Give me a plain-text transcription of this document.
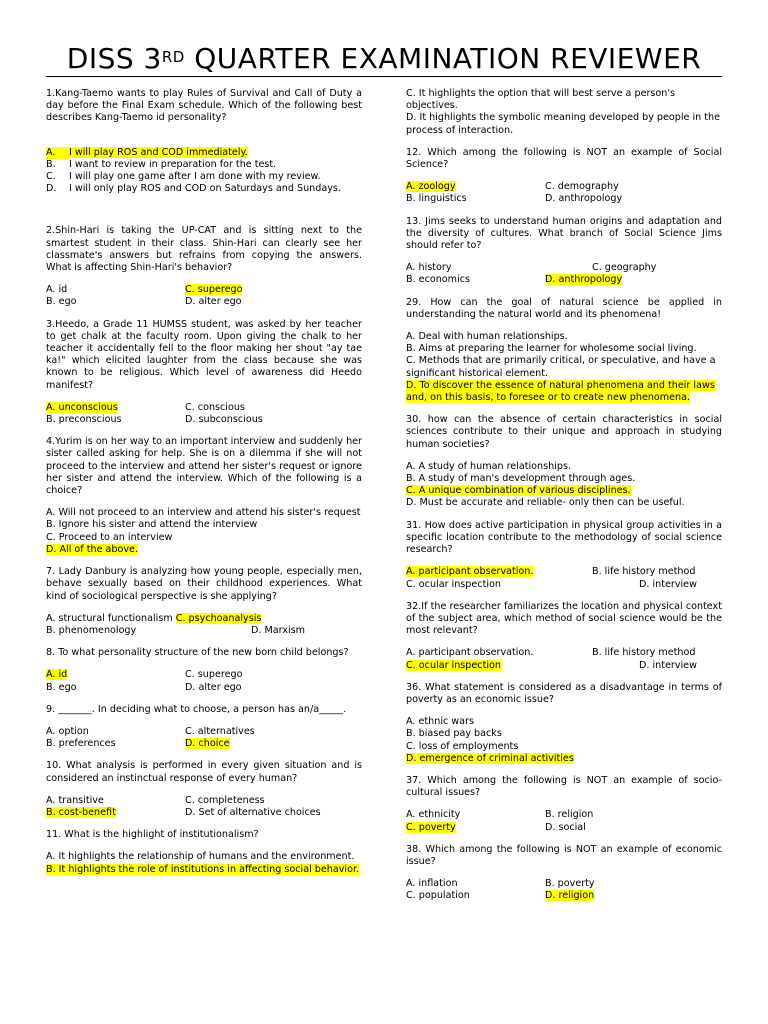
DISS 3RD QUARTER EXAMINATION REVIEWER

1.Kang-Taemo wants to play Rules of Survival and Call of Duty a day before the Final Exam schedule. Which of the following best describes Kang-Taemo id personality?

A.	I will play ROS and COD immediately.
B.	I want to review in preparation for the test.
C.	I will play one game after I am done with my review.
D.	I will only play ROS and COD on Saturdays and Sundays.

2.Shin-Hari is taking the UP-CAT and is sitting next to the smartest student in their class. Shin-Hari can clearly see her classmate's answers but refrains from copying the answers. What is affecting Shin-Hari's behavior?

A. id	C. superego
B. ego	D. alter ego

3.Heedo, a Grade 11 HUMSS student, was asked by her teacher to get chalk at the faculty room. Upon giving the chalk to her teacher it accidentally fell to the floor making her shout "ay tae ka!" which elicited laughter from the class because she was known to be religious. Which level of awareness did Heedo manifest?

A. unconscious	C. conscious
B. preconscious	D. subconscious

4.Yurim is on her way to an important interview and suddenly her sister called asking for help. She is on a dilemma if she will not proceed to the interview and attend her sister's request or ignore her sister and attend the interview. Which of the following is a choice?

A. Will not proceed to an interview and attend his sister's request

B. Ignore his sister and attend the interview

C. Proceed to an interview

D. All of the above.

7. Lady Danbury is analyzing how young people, especially men, behave sexually based on their childhood experiences. What kind of sociological perspective is she applying?

A. structural functionalism C. psychoanalysis

B. phenomenology	D. Marxism

8. To what personality structure of the new born child belongs?

A. id	C. superego
B. ego	D. alter ego

9. _______. In deciding what to choose, a person has an/a_____.

A. option	C. alternatives
B. preferences	D. choice

10. What analysis is performed in every given situation and is considered an instinctual response of every human?

A. transitive	C. completeness
B. cost-benefit	D. Set of alternative choices

11. What is the highlight of institutionalism?

A. It highlights the relationship of humans and the environment.

B. It highlights the role of institutions in affecting social behavior.

C. It highlights the option that will best serve a person's objectives.

D. It highlights the symbolic meaning developed by people in the process of interaction.

12. Which among the following is NOT an example of Social Science?

A. zoology	C. demography
B. linguistics	D. anthropology

13. Jims seeks to understand human origins and adaptation and the diversity of cultures. What branch of Social Science Jims should refer to?

A. history	C. geography
B. economics	D. anthropology

29. How can the goal of natural science be applied in understanding the natural world and its phenomena!

A. Deal with human relationships.

B. Aims at preparing the learner for wholesome social living.

C. Methods that are primarily critical, or speculative, and have a significant historical element.

D. To discover the essence of natural phenomena and their laws and, on this basis, to foresee or to create new phenomena.

30. how can the absence of certain characteristics in social sciences contribute to their unique and approach in studying human societies?

A. A study of human relationships.

B. A study of man's development through ages.

C. A unique combination of various disciplines.

D. Must be accurate and reliable- only then can be useful.

31. How does active participation in physical group activities in a specific location contribute to the methodology of social science research?

A. participant observation.	B. life history method
C. ocular inspection	D. interview

32.If the researcher familiarizes the location and physical context of the subject area, which method of social science would be the most relevant?

A. participant observation.	B. life history method
C. ocular inspection	D. interview

36. What statement is considered as a disadvantage in terms of poverty as an economic issue?

A. ethnic wars

B. biased pay backs

C. loss of employments

D. emergence of criminal activities

37. Which among the following is NOT an example of socio-cultural issues?

A. ethnicity	B. religion
C. poverty	D. social

38. Which among the following is NOT an example of economic issue?

A. inflation	B. poverty
C. population	D. religion
